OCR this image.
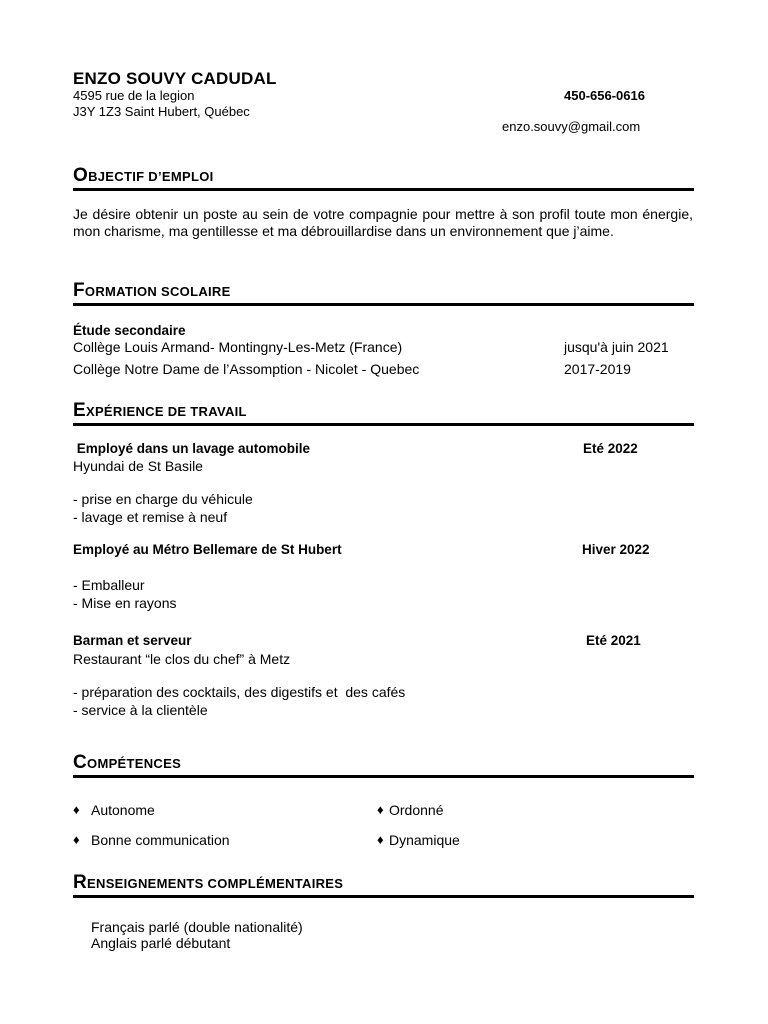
ENZO SOUVY CADUDAL
4595 rue de la legion
J3Y 1Z3 Saint Hubert, Québec
450-656-0616
enzo.souvy@gmail.com
OBJECTIF D’EMPLOI
Je désire obtenir un poste au sein de votre compagnie pour mettre à son profil toute mon énergie, mon charisme, ma gentillesse et ma débrouillardise dans un environnement que j’aime.
FORMATION SCOLAIRE
Étude secondaire
Collège Louis Armand- Montingny-Les-Metz (France)	jusqu'à juin 2021
Collège Notre Dame de l’Assomption - Nicolet - Quebec	2017-2019
EXPÉRIENCE DE TRAVAIL
Employé dans un lavage automobile	Eté 2022
Hyundai de St Basile
- prise en charge du véhicule
- lavage et remise à neuf
Employé au Métro Bellemare de St Hubert	Hiver 2022
- Emballeur
- Mise en rayons
Barman et serveur	Eté 2021
Restaurant “le clos du chef” à Metz
- préparation des cocktails, des digestifs et  des cafés
- service à la clientèle
COMPÉTENCES
♦ Autonome	♦ Ordonné
♦ Bonne communication	♦ Dynamique
RENSEIGNEMENTS COMPLÉMENTAIRES
Français parlé (double nationalité)
Anglais parlé débutant
